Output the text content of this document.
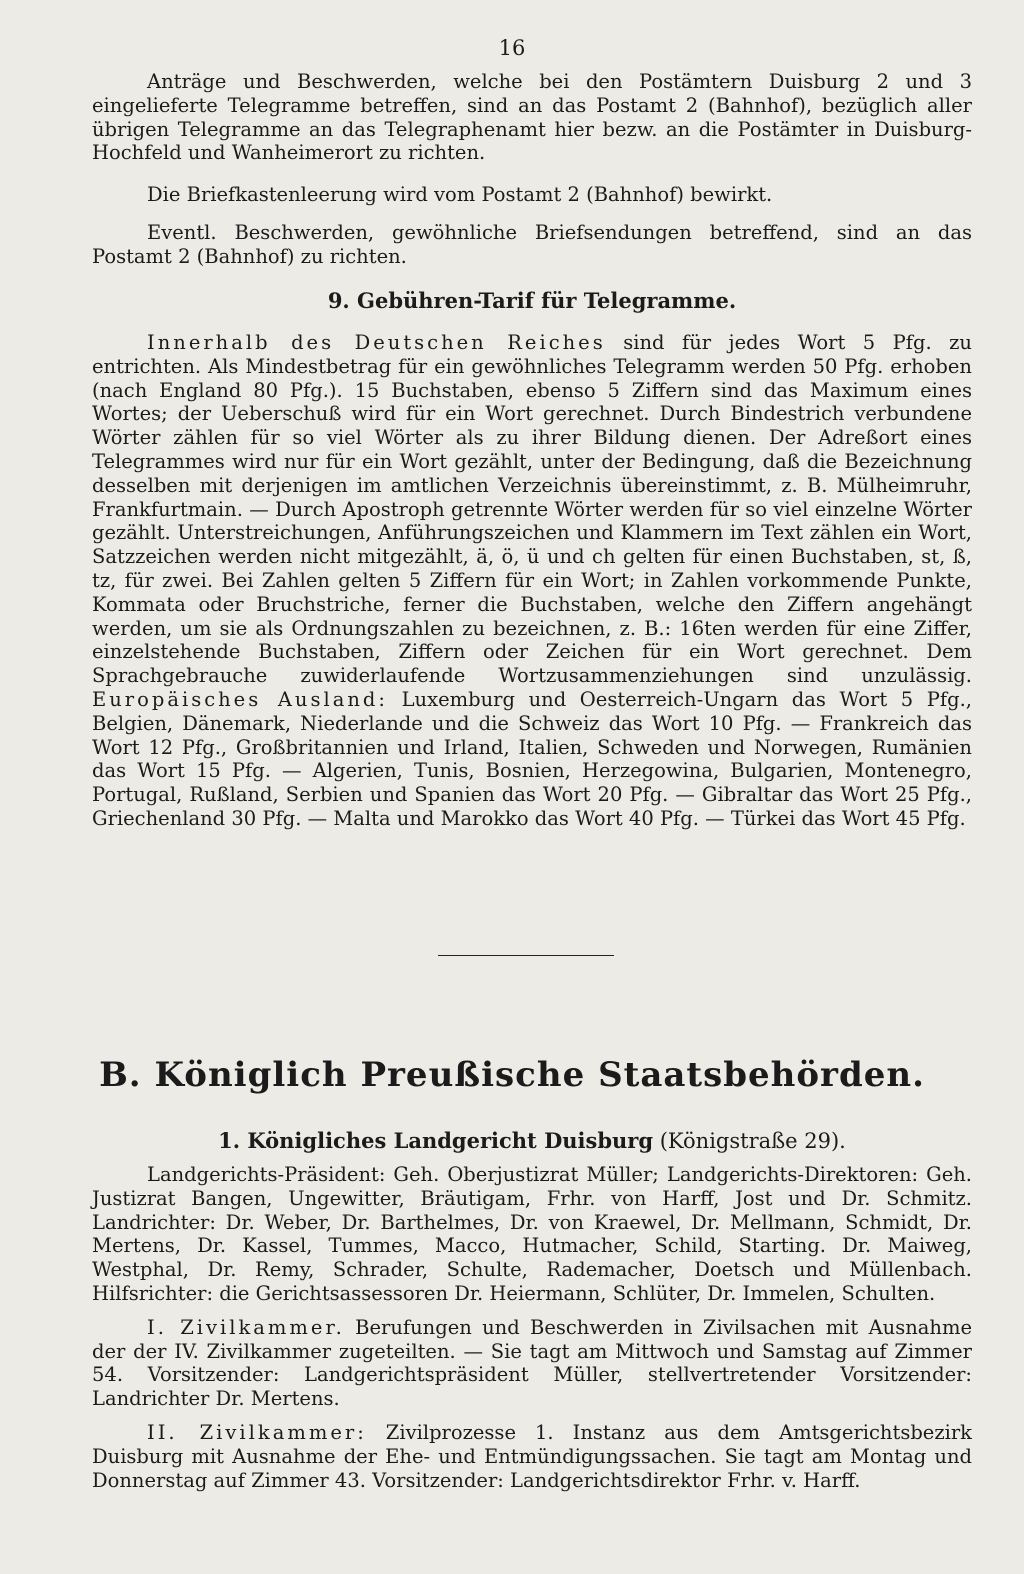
16

Anträge und Beschwerden, welche bei den Postämtern Duisburg 2 und 3 eingelieferte Telegramme betreffen, sind an das Postamt 2 (Bahnhof), bezüglich aller übrigen Telegramme an das Telegraphenamt hier bezw. an die Postämter in Duisburg-Hochfeld und Wanheimerort zu richten.

Die Briefkastenleerung wird vom Postamt 2 (Bahnhof) bewirkt.

Eventl. Beschwerden, gewöhnliche Briefsendungen betreffend, sind an das Postamt 2 (Bahnhof) zu richten.

9. Gebühren-Tarif für Telegramme.

Innerhalb des Deutschen Reiches sind für jedes Wort 5 Pfg. zu entrichten. Als Mindestbetrag für ein gewöhnliches Telegramm werden 50 Pfg. erhoben (nach England 80 Pfg.). 15 Buchstaben, ebenso 5 Ziffern sind das Maximum eines Wortes; der Ueberschuß wird für ein Wort gerechnet. Durch Bindestrich verbundene Wörter zählen für so viel Wörter als zu ihrer Bildung dienen. Der Adreßort eines Telegrammes wird nur für ein Wort gezählt, unter der Bedingung, daß die Bezeichnung desselben mit derjenigen im amtlichen Verzeichnis übereinstimmt, z. B. Mülheimruhr, Frankfurtmain. — Durch Apostroph getrennte Wörter werden für so viel einzelne Wörter gezählt. Unterstreichungen, Anführungszeichen und Klammern im Text zählen ein Wort, Satzzeichen werden nicht mitgezählt, ä, ö, ü und ch gelten für einen Buchstaben, st, ß, tz, für zwei. Bei Zahlen gelten 5 Ziffern für ein Wort; in Zahlen vorkommende Punkte, Kommata oder Bruchstriche, ferner die Buchstaben, welche den Ziffern angehängt werden, um sie als Ordnungszahlen zu bezeichnen, z. B.: 16ten werden für eine Ziffer, einzelstehende Buchstaben, Ziffern oder Zeichen für ein Wort gerechnet. Dem Sprachgebrauche zuwiderlaufende Wortzusammenziehungen sind unzulässig. Europäisches Ausland: Luxemburg und Oesterreich-Ungarn das Wort 5 Pfg., Belgien, Dänemark, Niederlande und die Schweiz das Wort 10 Pfg. — Frankreich das Wort 12 Pfg., Großbritannien und Irland, Italien, Schweden und Norwegen, Rumänien das Wort 15 Pfg. — Algerien, Tunis, Bosnien, Herzegowina, Bulgarien, Montenegro, Portugal, Rußland, Serbien und Spanien das Wort 20 Pfg. — Gibraltar das Wort 25 Pfg., Griechenland 30 Pfg. — Malta und Marokko das Wort 40 Pfg. — Türkei das Wort 45 Pfg.

B. Königlich Preußische Staatsbehörden.
1. Königliches Landgericht Duisburg (Königstraße 29).

Landgerichts-Präsident: Geh. Oberjustizrat Müller; Landgerichts-Direktoren: Geh. Justizrat Bangen, Ungewitter, Bräutigam, Frhr. von Harff, Jost und Dr. Schmitz. Landrichter: Dr. Weber, Dr. Barthelmes, Dr. von Kraewel, Dr. Mellmann, Schmidt, Dr. Mertens, Dr. Kassel, Tummes, Macco, Hutmacher, Schild, Starting. Dr. Maiweg, Westphal, Dr. Remy, Schrader, Schulte, Rademacher, Doetsch und Müllenbach. Hilfsrichter: die Gerichtsassessoren Dr. Heiermann, Schlüter, Dr. Immelen, Schulten.

I. Zivilkammer. Berufungen und Beschwerden in Zivilsachen mit Ausnahme der der IV. Zivilkammer zugeteilten. — Sie tagt am Mittwoch und Samstag auf Zimmer 54. Vorsitzender: Landgerichtspräsident Müller, stellvertretender Vorsitzender: Landrichter Dr. Mertens.

II. Zivilkammer: Zivilprozesse 1. Instanz aus dem Amtsgerichtsbezirk Duisburg mit Ausnahme der Ehe- und Entmündigungssachen. Sie tagt am Montag und Donnerstag auf Zimmer 43. Vorsitzender: Landgerichtsdirektor Frhr. v. Harff.
